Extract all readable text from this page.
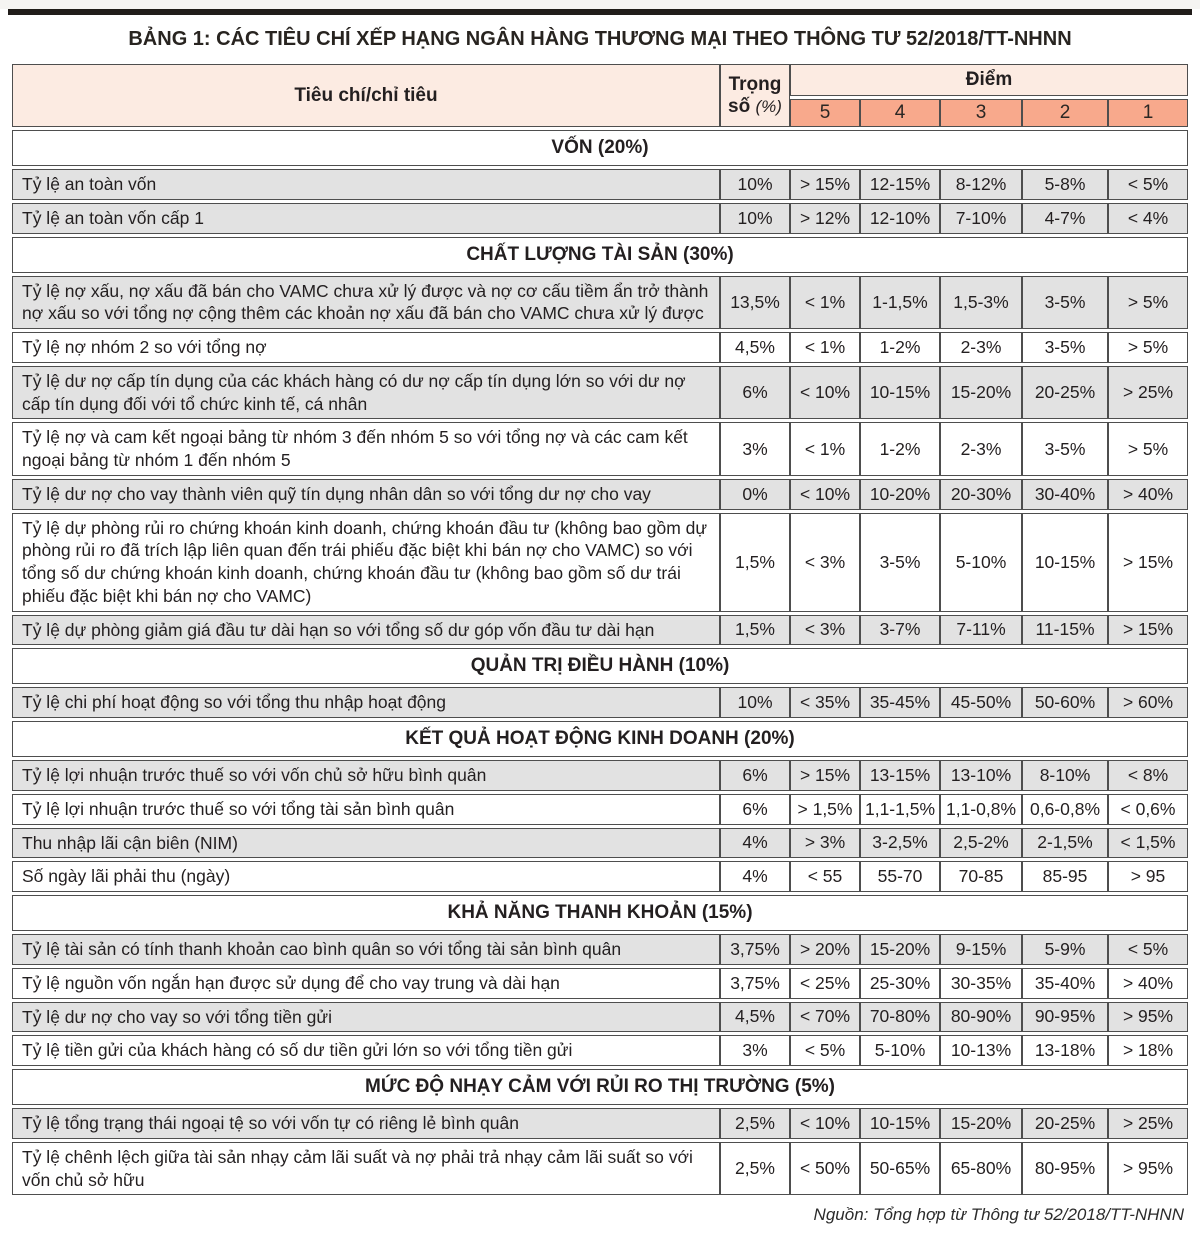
BẢNG 1: CÁC TIÊU CHÍ XẾP HẠNG NGÂN HÀNG THƯƠNG MẠI THEO THÔNG TƯ 52/2018/TT-NHNN
Tiêu chí/chỉ tiêu	Trọng số (%)	Điểm				
		5	4	3	2	1
VỐN (20%)						
Tỷ lệ an toàn vốn	10%	> 15%	12-15%	8-12%	5-8%	< 5%
Tỷ lệ an toàn vốn cấp 1	10%	> 12%	12-10%	7-10%	4-7%	< 4%
CHẤT LƯỢNG TÀI SẢN (30%)						
Tỷ lệ nợ xấu, nợ xấu đã bán cho VAMC chưa xử lý được và nợ cơ cấu tiềm ẩn trở thành nợ xấu so với tổng nợ cộng thêm các khoản nợ xấu đã bán cho VAMC chưa xử lý được	13,5%	< 1%	1-1,5%	1,5-3%	3-5%	> 5%
Tỷ lệ nợ nhóm 2 so với tổng nợ	4,5%	< 1%	1-2%	2-3%	3-5%	> 5%
Tỷ lệ dư nợ cấp tín dụng của các khách hàng có dư nợ cấp tín dụng lớn so với dư nợ cấp tín dụng đối với tổ chức kinh tế, cá nhân	6%	< 10%	10-15%	15-20%	20-25%	> 25%
Tỷ lệ nợ và cam kết ngoại bảng từ nhóm 3 đến nhóm 5 so với tổng nợ và các cam kết ngoại bảng từ nhóm 1 đến nhóm 5	3%	< 1%	1-2%	2-3%	3-5%	> 5%
Tỷ lệ dư nợ cho vay thành viên quỹ tín dụng nhân dân so với tổng dư nợ cho vay	0%	< 10%	10-20%	20-30%	30-40%	> 40%
Tỷ lệ dự phòng rủi ro chứng khoán kinh doanh, chứng khoán đầu tư (không bao gồm dự phòng rủi ro đã trích lập liên quan đến trái phiếu đặc biệt khi bán nợ cho VAMC) so với tổng số dư chứng khoán kinh doanh, chứng khoán đầu tư (không bao gồm số dư trái phiếu đặc biệt khi bán nợ cho VAMC)	1,5%	< 3%	3-5%	5-10%	10-15%	> 15%
Tỷ lệ dự phòng giảm giá đầu tư dài hạn so với tổng số dư góp vốn đầu tư dài hạn	1,5%	< 3%	3-7%	7-11%	11-15%	> 15%
QUẢN TRỊ ĐIỀU HÀNH (10%)						
Tỷ lệ chi phí hoạt động so với tổng thu nhập hoạt động	10%	< 35%	35-45%	45-50%	50-60%	> 60%
KẾT QUẢ HOẠT ĐỘNG KINH DOANH (20%)						
Tỷ lệ lợi nhuận trước thuế so với vốn chủ sở hữu bình quân	6%	> 15%	13-15%	13-10%	8-10%	< 8%
Tỷ lệ lợi nhuận trước thuế so với tổng tài sản bình quân	6%	> 1,5%	1,1-1,5%	1,1-0,8%	0,6-0,8%	< 0,6%
Thu nhập lãi cận biên (NIM)	4%	> 3%	3-2,5%	2,5-2%	2-1,5%	< 1,5%
Số ngày lãi phải thu (ngày)	4%	< 55	55-70	70-85	85-95	> 95
KHẢ NĂNG THANH KHOẢN (15%)						
Tỷ lệ tài sản có tính thanh khoản cao bình quân so với tổng tài sản bình quân	3,75%	> 20%	15-20%	9-15%	5-9%	< 5%
Tỷ lệ nguồn vốn ngắn hạn được sử dụng để cho vay trung và dài hạn	3,75%	< 25%	25-30%	30-35%	35-40%	> 40%
Tỷ lệ dư nợ cho vay so với tổng tiền gửi	4,5%	< 70%	70-80%	80-90%	90-95%	> 95%
Tỷ lệ tiền gửi của khách hàng có số dư tiền gửi lớn so với tổng tiền gửi	3%	< 5%	5-10%	10-13%	13-18%	> 18%
MỨC ĐỘ NHẠY CẢM VỚI RỦI RO THỊ TRƯỜNG (5%)						
Tỷ lệ tổng trạng thái ngoại tệ so với vốn tự có riêng lẻ bình quân	2,5%	< 10%	10-15%	15-20%	20-25%	> 25%
Tỷ lệ chênh lệch giữa tài sản nhạy cảm lãi suất và nợ phải trả nhạy cảm lãi suất so với vốn chủ sở hữu	2,5%	< 50%	50-65%	65-80%	80-95%	> 95%
Nguồn: Tổng hợp từ Thông tư 52/2018/TT-NHNN
